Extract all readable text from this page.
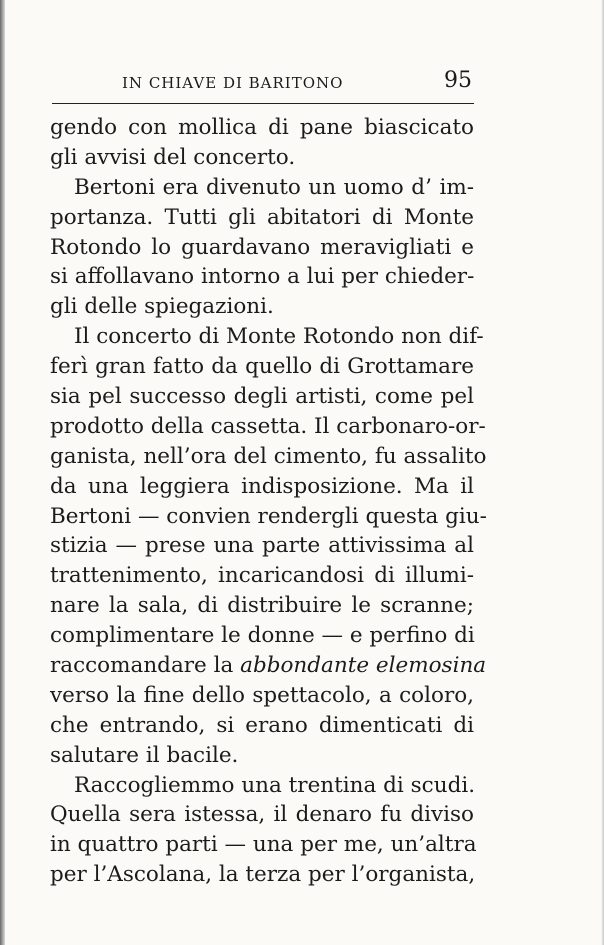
IN CHIAVE DI BARITONO	95
gendo con mollica di pane biascicato
gli avvisi del concerto.
Bertoni era divenuto un uomo d’ im-
portanza. Tutti gli abitatori di Monte
Rotondo lo guardavano meravigliati e
si affollavano intorno a lui per chieder-
gli delle spiegazioni.
Il concerto di Monte Rotondo non dif-
ferì gran fatto da quello di Grottamare
sia pel successo degli artisti, come pel
prodotto della cassetta. Il carbonaro-or-
ganista, nell’ora del cimento, fu assalito
da una leggiera indisposizione. Ma il
Bertoni — convien rendergli questa giu-
stizia — prese una parte attivissima al
trattenimento, incaricandosi di illumi-
nare la sala, di distribuire le scranne;
complimentare le donne — e perfino di
raccomandare la abbondante elemosina
verso la fine dello spettacolo, a coloro,
che entrando, si erano dimenticati di
salutare il bacile.
Raccogliemmo una trentina di scudi.
Quella sera istessa, il denaro fu diviso
in quattro parti — una per me, un’altra
per l’Ascolana, la terza per l’organista,
